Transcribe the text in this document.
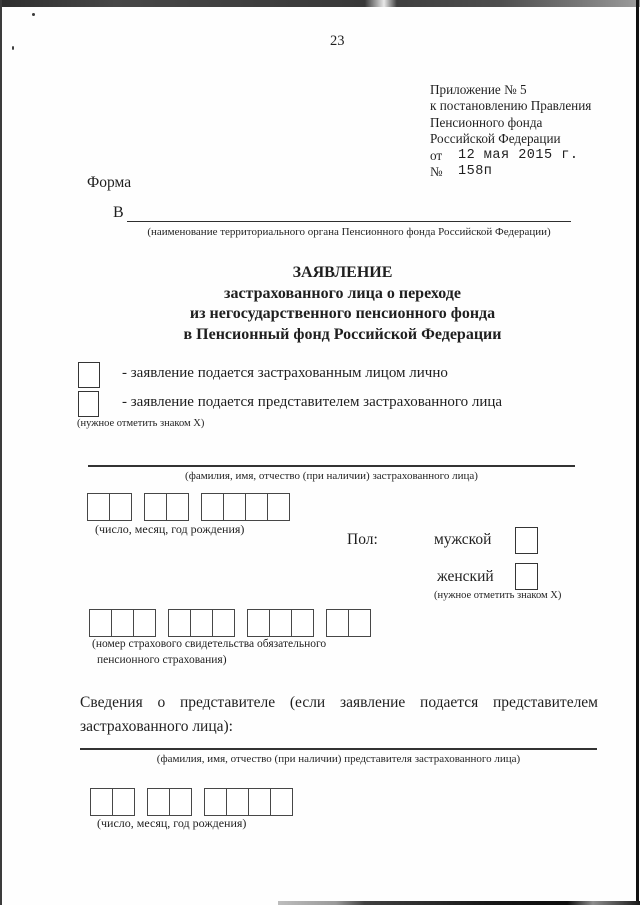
23
Приложение № 5
к постановлению Правления
Пенсионного фонда
Российской Федерации
от	12 мая 2015 г.
№	158п
Форма
В
(наименование территориального органа Пенсионного фонда Российской Федерации)
ЗАЯВЛЕНИЕ
застрахованного лица о переходе
из негосударственного пенсионного фонда
в Пенсионный фонд Российской Федерации
- заявление подается застрахованным лицом лично
- заявление подается представителем застрахованного лица
(нужное отметить знаком X)
(фамилия, имя, отчество (при наличии) застрахованного лица)
(число, месяц, год рождения)
Пол:	мужской
женский
(нужное отметить знаком X)
(номер страхового свидетельства обязательного
пенсионного страхования)
Сведения о представителе (если заявление подается представителем
застрахованного лица):
(фамилия, имя, отчество (при наличии) представителя застрахованного лица)
(число, месяц, год рождения)
